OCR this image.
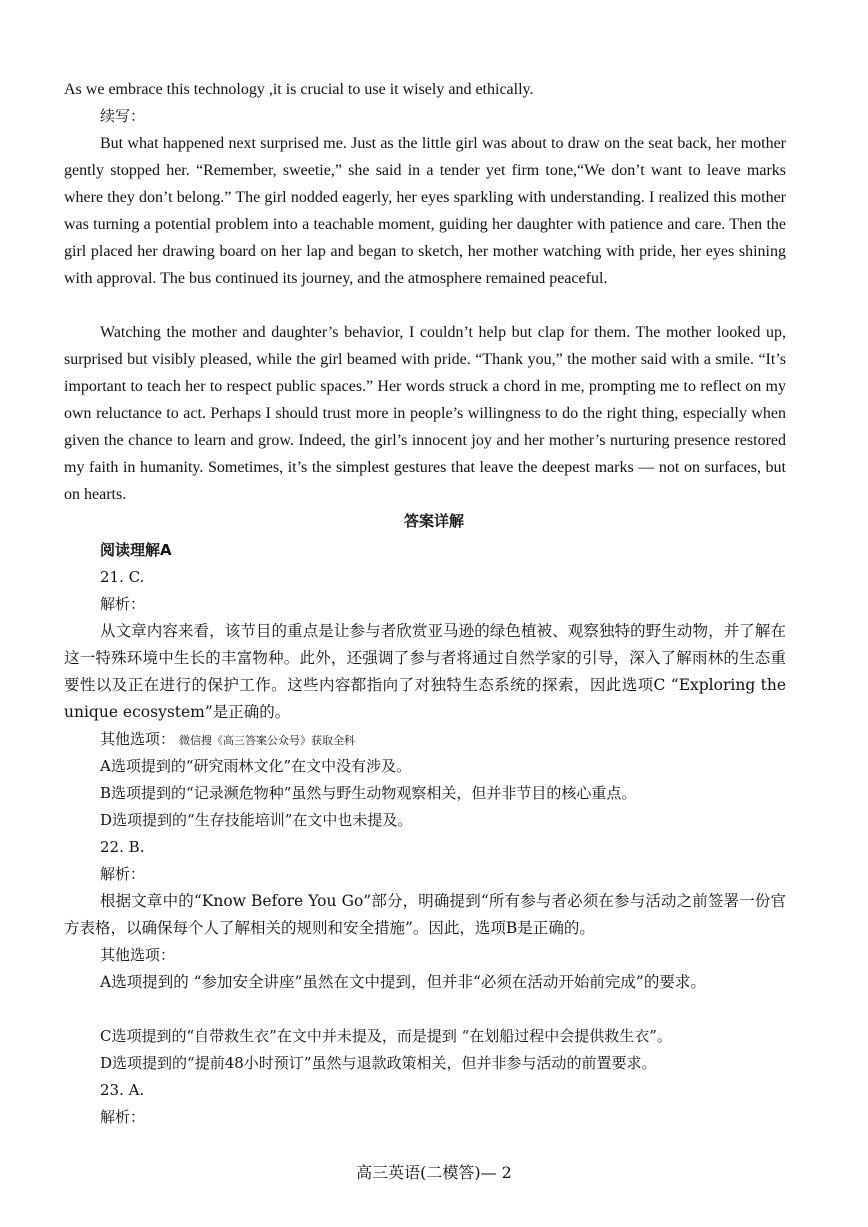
As we embrace this technology ,it is crucial to use it wisely and ethically.

续写：

But what happened next surprised me. Just as the little girl was about to draw on the seat back, her mother gently stopped her. “Remember, sweetie,” she said in a tender yet firm tone,“We don’t want to leave marks where they don’t belong.” The girl nodded eagerly, her eyes sparkling with understanding. I realized this mother was turning a potential problem into a teachable moment, guiding her daughter with patience and care. Then the girl placed her drawing board on her lap and began to sketch, her mother watching with pride, her eyes shining with approval. The bus continued its journey, and the atmosphere remained peaceful.

Watching the mother and daughter’s behavior, I couldn’t help but clap for them. The mother looked up, surprised but visibly pleased, while the girl beamed with pride. “Thank you,” the mother said with a smile. “It’s important to teach her to respect public spaces.” Her words struck a chord in me, prompting me to reflect on my own reluctance to act. Perhaps I should trust more in people’s willingness to do the right thing, especially when given the chance to learn and grow. Indeed, the girl’s innocent joy and her mother’s nurturing presence restored my faith in humanity. Sometimes, it’s the simplest gestures that leave the deepest marks — not on surfaces, but on hearts.

答案详解

阅读理解A

21. C.

解析：

从文章内容来看，该节目的重点是让参与者欣赏亚马逊的绿色植被、观察独特的野生动物，并了解在这一特殊环境中生长的丰富物种。此外，还强调了参与者将通过自然学家的引导，深入了解雨林的生态重要性以及正在进行的保护工作。这些内容都指向了对独特生态系统的探索，因此选项C “Exploring the unique ecosystem”是正确的。

其他选项： 微信搜《高三答案公众号》获取全科

A选项提到的“研究雨林文化”在文中没有涉及。

B选项提到的“记录濒危物种”虽然与野生动物观察相关，但并非节目的核心重点。

D选项提到的“生存技能培训”在文中也未提及。

22. B.

解析：

根据文章中的“Know Before You Go”部分，明确提到“所有参与者必须在参与活动之前签署一份官方表格，以确保每个人了解相关的规则和安全措施”。因此，选项B是正确的。

其他选项：

A选项提到的 “参加安全讲座”虽然在文中提到，但并非“必须在活动开始前完成”的要求。

C选项提到的“自带救生衣”在文中并未提及，而是提到 “在划船过程中会提供救生衣”。

D选项提到的“提前48小时预订”虽然与退款政策相关，但并非参与活动的前置要求。

23. A.

解析：

高三英语(二模答)— 2
